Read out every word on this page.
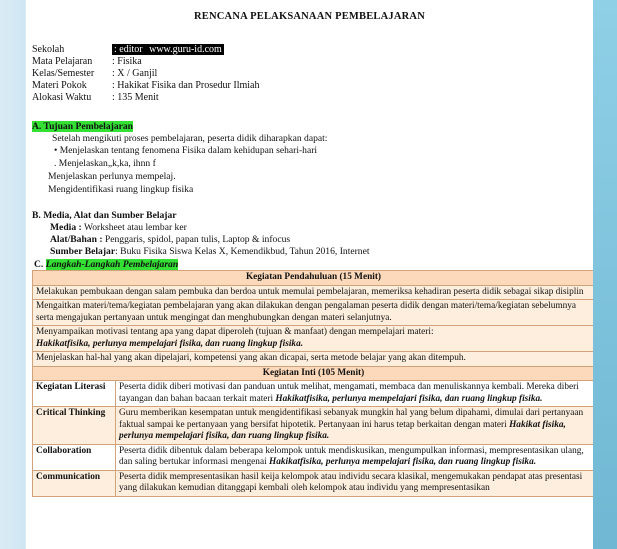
RENCANA PELAKSANAAN PEMBELAJARAN
Sekolah	: editor www.guru-id.com
Mata Pelajaran	: Fisika
Kelas/Semester	: X / Ganjil
Materi Pokok	: Hakikat Fisika dan Prosedur Ilmiah
Alokasi Waktu	: 135 Menit
A. Tujuan Pembelajaran
Setelah mengikuti proses pembelajaran, peserta didik diharapkan dapat:
• Menjelaskan tentang fenomena Fisika dalam kehidupan sehari-hari
. Menjelaskan„k,ka, ihnn f
Menjelaskan perlunya mempelaj.
Mengidentifikasi ruang lingkup fisika
B. Media, Alat dan Sumber Belajar
Media : Worksheet atau lembar ker
Alat/Bahan : Penggaris, spidol, papan tulis, Laptop & infocus
Sumber Belajar: Buku Fisika Siswa Kelas X, Kemendikbud, Tahun 2016, Internet
C. Langkah-Langkah Pembelajaran
Kegiatan Pendahuluan (15 Menit)	
Melakukan pembukaan dengan salam pembuka dan berdoa untuk memulai pembelajaran, memeriksa kehadiran peserta didik sebagai sikap disiplin	
Mengaitkan materi/tema/kegiatan pembelajaran yang akan dilakukan dengan pengalaman peserta didik dengan materi/tema/kegiatan sebelumnya serta mengajukan pertanyaan untuk mengingat dan menghubungkan dengan materi selanjutnya.	
Menyampaikan motivasi tentang apa yang dapat diperoleh (tujuan & manfaat) dengan mempelajari materi:
Hakikatfisika, perlunya mempelajari fisika, dan ruang lingkup fisika.	
Menjelaskan hal-hal yang akan dipelajari, kompetensi yang akan dicapai, serta metode belajar yang akan ditempuh.	
Kegiatan Inti (105 Menit)	
Kegiatan Literasi	Peserta didik diberi motivasi dan panduan untuk melihat, mengamati, membaca dan menuliskannya kembali. Mereka diberi tayangan dan bahan bacaan terkait materi Hakikatfisika, perlunya mempelajari fisika, dan ruang lingkup fisika.
Critical Thinking	Guru memberikan kesempatan untuk mengidentifikasi sebanyak mungkin hal yang belum dipahami, dimulai dari pertanyaan faktual sampai ke pertanyaan yang bersifat hipotetik. Pertanyaan ini harus tetap berkaitan dengan materi Hakikat fisika, perlunya mempelajari fisika, dan ruang lingkup fisika.
Collaboration	Peserta didik dibentuk dalam beberapa kelompok untuk mendiskusikan, mengumpulkan informasi, mempresentasikan ulang, dan saling bertukar informasi mengenai Hakikatfisika, perlunya mempelajari fisika, dan ruang lingkup fisika.
Communication	Peserta didik mempresentasikan hasil keija kelompok atau individu secara klasikal, mengemukakan pendapat atas presentasi yang dilakukan kemudian ditanggapi kembali oleh kelompok atau individu yang mempresentasikan
